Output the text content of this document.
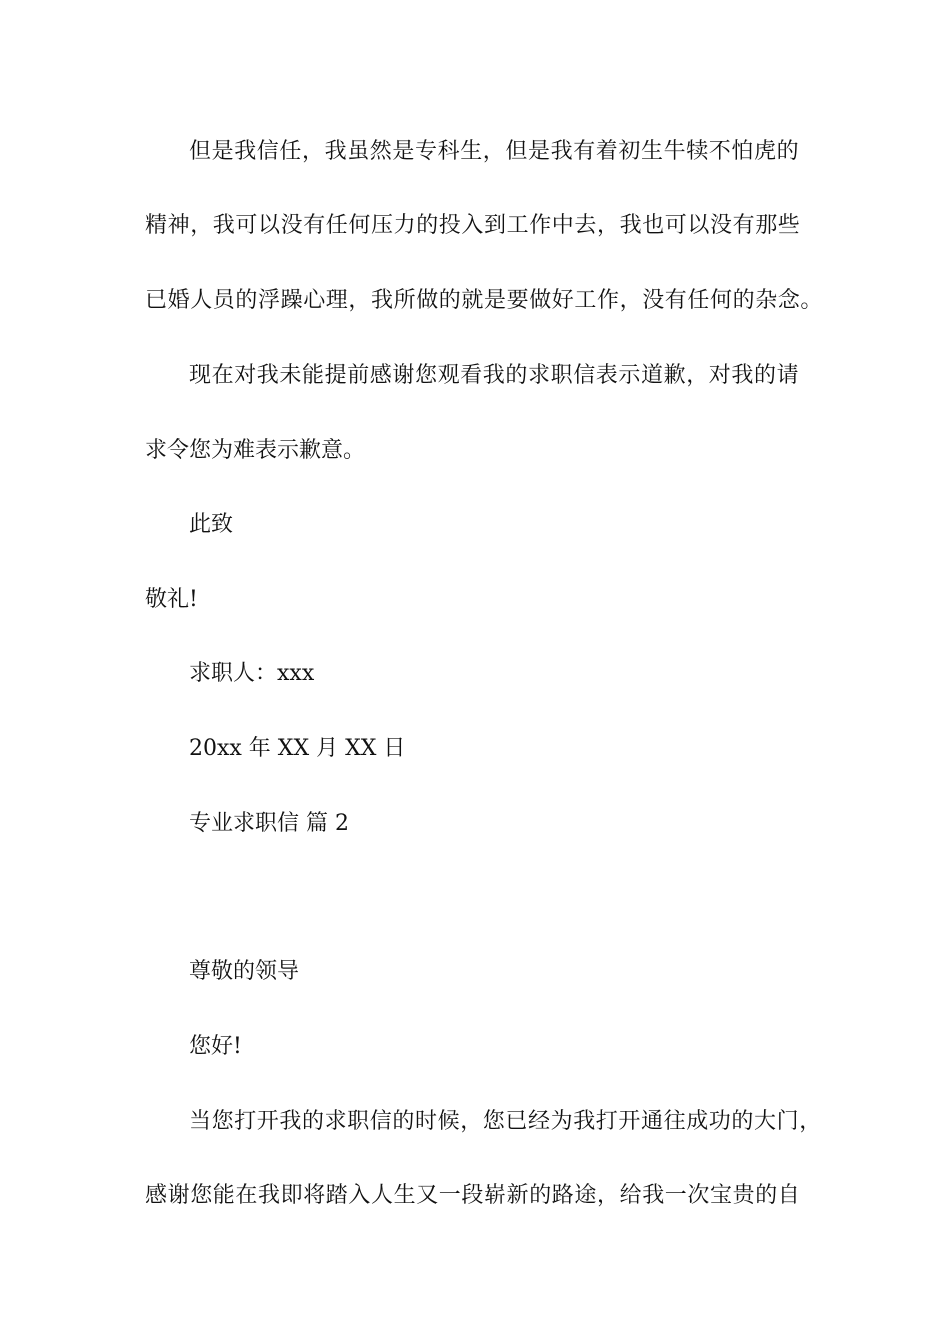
但是我信任，我虽然是专科生，但是我有着初生牛犊不怕虎的
精神，我可以没有任何压力的投入到工作中去，我也可以没有那些
已婚人员的浮躁心理，我所做的就是要做好工作，没有任何的杂念。
现在对我未能提前感谢您观看我的求职信表示道歉，对我的请
求令您为难表示歉意。
此致
敬礼!
求职人：xxx
20xx 年 XX 月 XX 日
专业求职信 篇 2
尊敬的领导
您好!
当您打开我的求职信的时候，您已经为我打开通往成功的大门，
感谢您能在我即将踏入人生又一段崭新的路途，给我一次宝贵的自
